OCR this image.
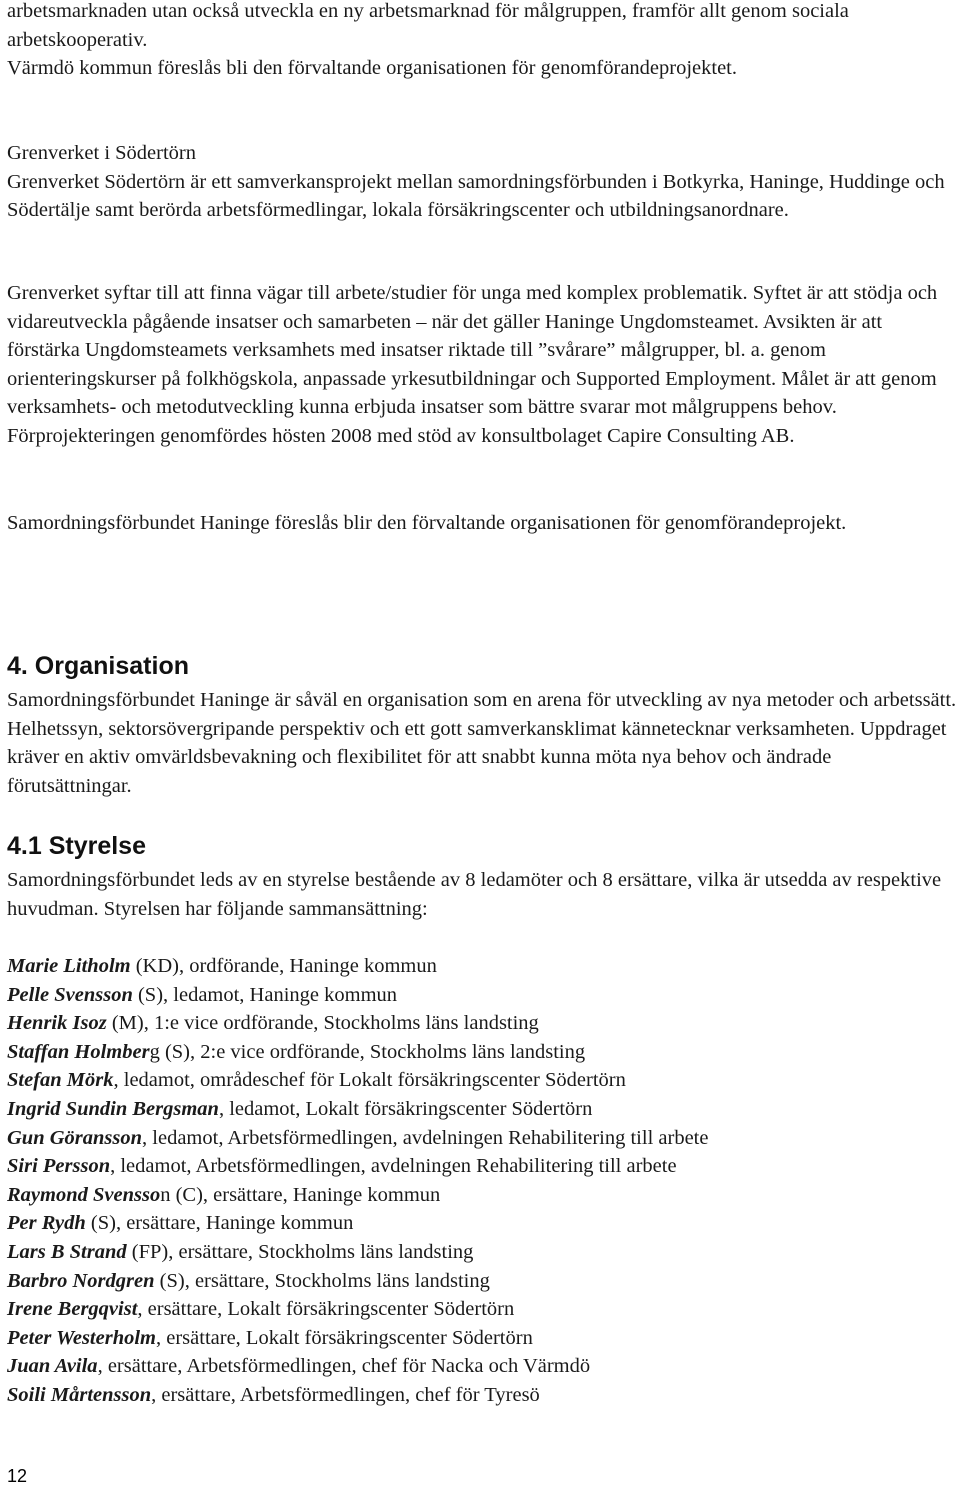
arbetsmarknaden utan också utveckla en ny arbetsmarknad för målgruppen, framför allt genom sociala arbetskooperativ.

Värmdö kommun föreslås bli den förvaltande organisationen för genomförandeprojektet.

Grenverket i Södertörn

Grenverket Södertörn är ett samverkansprojekt mellan samordningsförbunden i Botkyrka, Haninge, Huddinge och Södertälje samt berörda arbetsförmedlingar, lokala försäkringscenter och utbildningsanordnare.

Grenverket syftar till att finna vägar till arbete/studier för unga med komplex problematik. Syftet är att stödja och vidareutveckla pågående insatser och samarbeten – när det gäller Haninge Ungdomsteamet. Avsikten är att förstärka Ungdomsteamets verksamhets med insatser riktade till ”svårare” målgrupper, bl. a. genom orienteringskurser på folkhögskola, anpassade yrkesutbildningar och Supported Employment. Målet är att genom verksamhets- och metodutveckling kunna erbjuda insatser som bättre svarar mot målgruppens behov. Förprojekteringen genomfördes hösten 2008 med stöd av konsultbolaget Capire Consulting AB.

Samordningsförbundet Haninge föreslås blir den förvaltande organisationen för genomförandeprojekt.

4. Organisation

Samordningsförbundet Haninge är såväl en organisation som en arena för utveckling av nya metoder och arbetssätt. Helhetssyn, sektorsövergripande perspektiv och ett gott samverkansklimat kännetecknar verksamheten. Uppdraget kräver en aktiv omvärldsbevakning och flexibilitet för att snabbt kunna möta nya behov och ändrade förutsättningar.

4.1 Styrelse

Samordningsförbundet leds av en styrelse bestående av 8 ledamöter och 8 ersättare, vilka är utsedda av respektive huvudman. Styrelsen har följande sammansättning:

Marie Litholm (KD), ordförande, Haninge kommun
Pelle Svensson (S), ledamot, Haninge kommun
Henrik Isoz (M), 1:e vice ordförande, Stockholms läns landsting
Staffan Holmberg (S), 2:e vice ordförande, Stockholms läns landsting
Stefan Mörk, ledamot, områdeschef för Lokalt försäkringscenter Södertörn
Ingrid Sundin Bergsman, ledamot, Lokalt försäkringscenter Södertörn
Gun Göransson, ledamot, Arbetsförmedlingen, avdelningen Rehabilitering till arbete
Siri Persson, ledamot, Arbetsförmedlingen, avdelningen Rehabilitering till arbete
Raymond Svensson (C), ersättare, Haninge kommun
Per Rydh (S), ersättare, Haninge kommun
Lars B Strand (FP), ersättare, Stockholms läns landsting
Barbro Nordgren (S), ersättare, Stockholms läns landsting
Irene Bergqvist, ersättare, Lokalt försäkringscenter Södertörn
Peter Westerholm, ersättare, Lokalt försäkringscenter Södertörn
Juan Avila, ersättare, Arbetsförmedlingen, chef för Nacka och Värmdö
Soili Mårtensson, ersättare, Arbetsförmedlingen, chef för Tyresö
12
